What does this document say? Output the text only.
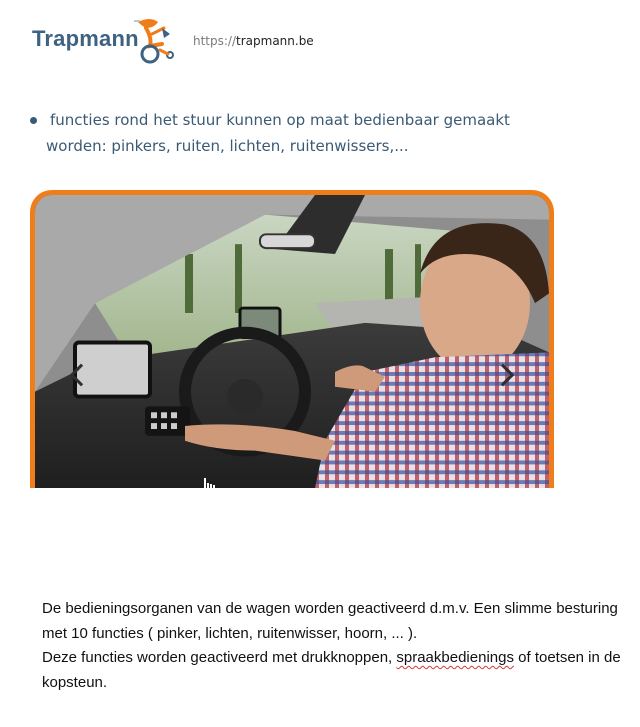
Trapmann	https://trapmann.be
functies rond het stuur kunnen op maat bedienbaar gemaakt worden: pinkers, ruiten, lichten, ruitenwissers,...

De bedieningsorganen van de wagen worden geactiveerd d.m.v. Een slimme besturing met 10 functies ( pinker, lichten, ruitenwisser, hoorn, ... ).

Deze functies worden geactiveerd met drukknoppen, spraakbedienings of toetsen in de kopsteun.
